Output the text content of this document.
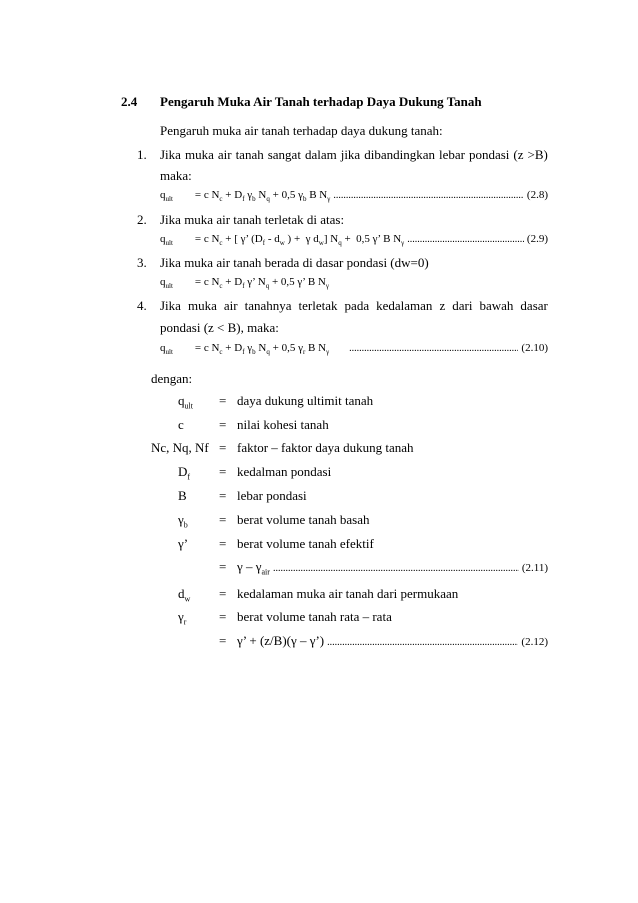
2.4 Pengaruh Muka Air Tanah terhadap Daya Dukung Tanah
Pengaruh muka air tanah terhadap daya dukung tanah:
1. Jika muka air tanah sangat dalam jika dibandingkan lebar pondasi (z >B)
maka:
$q_{ult} = c$ $N_c + D_f$ $\gamma_b$ $N_q + 0,5$ $\gamma_b$ B $N_\gamma$ .....	(2.8)
2. Jika muka air tanah terletak di atas:
$q_{ult} = c$ $N_c$ + [ γ’ ($D_f - d_w$ ) +  γ $d_w$] $N_q + 0,5$ γ’ B $N_\gamma$ .....	(2.9)
3. Jika muka air tanah berada di dasar pondasi (dw=0)
$q_{ult} = c$ $N_c + D_f$ γ’ $N_q + 0,5$ γ’ B $N_\gamma$
4. Jika muka air tanahnya terletak pada kedalaman z dari bawah dasar
pondasi (z < B), maka:
$q_{ult} = c$ $N_c + D_f$ $\gamma_b$ $N_q + 0,5$ $\gamma_r$ B $N_\gamma$ .....	(2.10)
dengan:
$q_{ult}$ = daya dukung ultimit tanah
c	= nilai kohesi tanah
Nc, Nq, Nf = faktor – faktor daya dukung tanah
$D_f$ = kedalman pondasi
B = lebar pondasi
$\gamma_b$ = berat volume tanah basah
γ’ = berat volume tanah efektif
= γ – $\gamma_{air}$ .....	(2.11)
$d_w$ = kedalaman muka air tanah dari permukaan
$\gamma_r$	= berat volume tanah rata – rata
= γ’ + (z/B)(γ – γ’) .....	(2.12)
